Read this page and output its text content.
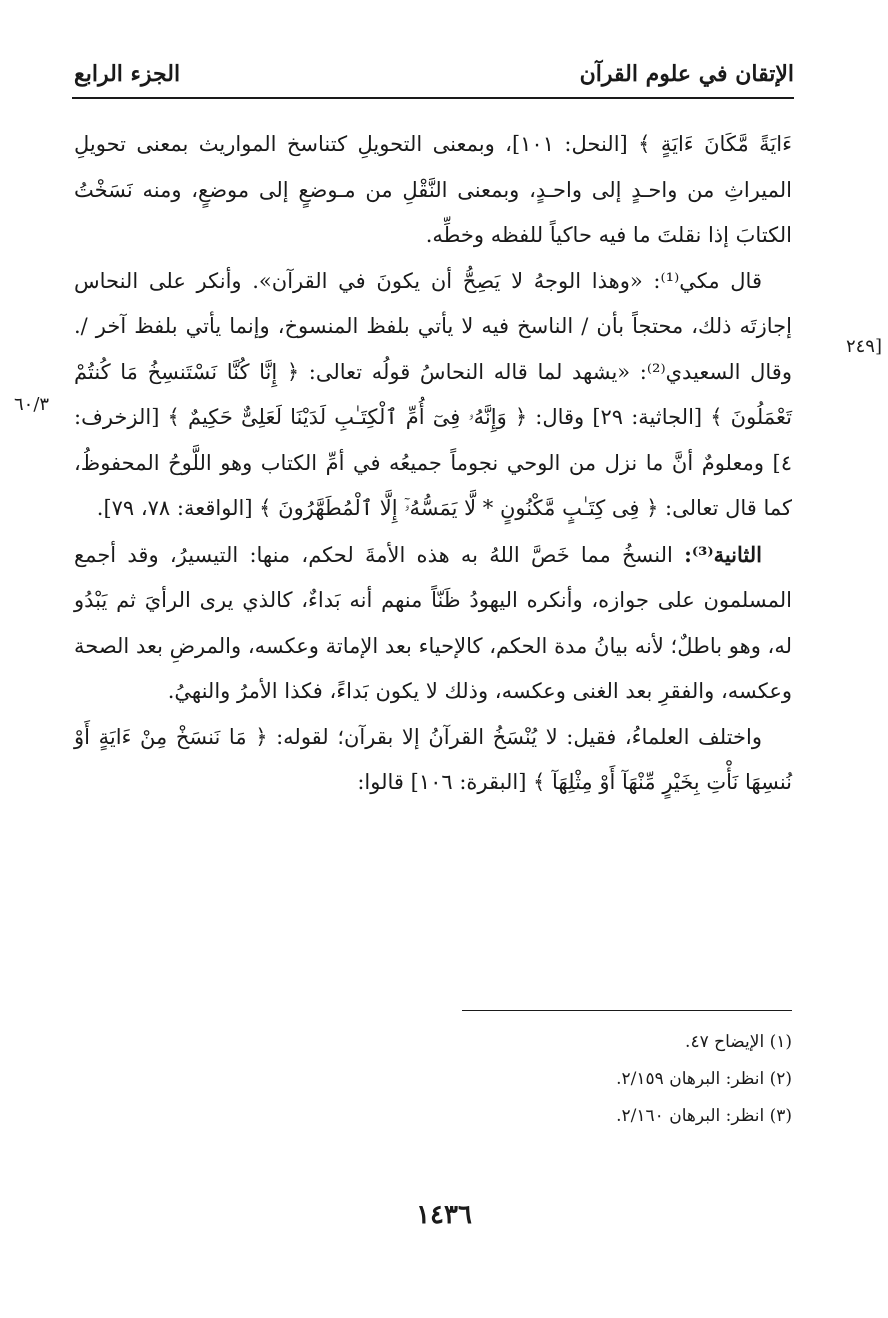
الإتقان في علوم القرآن
الجزء الرابع
[٢٤٩
٦٠/٣

ءَايَةً مَّكَانَ ءَايَةٍ ﴾ [النحل: ١٠١]، وبمعنى التحويلِ كتناسخ المواريث بمعنى تحويلِ الميراثِ من واحـدٍ إلى واحـدٍ، وبمعنى النَّقْلِ من مـوضعٍ إلى موضعٍ، ومنه نَسَخْتُ الكتابَ إذا نقلتَ ما فيه حاكياً للفظه وخطِّه.

قال مكي⁽¹⁾: «وهذا الوجهُ لا يَصِحُّ أن يكونَ في القرآن». وأنكر على النحاس إجازتَه ذلك، محتجاً بأن / الناسخ فيه لا يأتي بلفظ المنسوخ، وإنما يأتي بلفظ آخر /. وقال السعيدي⁽²⁾: «يشهد لما قاله النحاسُ قولُه تعالى: ﴿ إِنَّا كُنَّا نَسْتَنسِخُ مَا كُنتُمْ تَعْمَلُونَ ﴾ [الجاثية: ٢٩] وقال: ﴿ وَإِنَّهُۥ فِىٓ أُمِّ ٱلْكِتَـٰبِ لَدَيْنَا لَعَلِىٌّ حَكِيمٌ ﴾ [الزخرف: ٤] ومعلومٌ أنَّ ما نزل من الوحي نجوماً جميعُه في أمِّ الكتاب وهو اللَّوحُ المحفوظُ، كما قال تعالى: ﴿ فِى كِتَـٰبٍ مَّكْنُونٍ * لَّا يَمَسُّهُۥٓ إِلَّا ٱلْمُطَهَّرُونَ ﴾ [الواقعة: ٧٨، ٧٩].

الثانية⁽³⁾: النسخُ مما خَصَّ اللهُ به هذه الأمةَ لحكم، منها: التيسيرُ، وقد أجمع المسلمون على جوازه، وأنكره اليهودُ ظَنّاً منهم أنه بَداءٌ، كالذي يرى الرأيَ ثم يَبْدُو له، وهو باطلٌ؛ لأنه بيانُ مدة الحكم، كالإحياء بعد الإماتة وعكسه، والمرضِ بعد الصحة وعكسه، والفقرِ بعد الغنى وعكسه، وذلك لا يكون بَداءً، فكذا الأمرُ والنهيُ.

واختلف العلماءُ، فقيل: لا يُنْسَخُ القرآنُ إلا بقرآن؛ لقوله: ﴿ مَا نَنسَخْ مِنْ ءَايَةٍ أَوْ نُنسِهَا نَأْتِ بِخَيْرٍ مِّنْهَآ أَوْ مِثْلِهَآ ﴾ [البقرة: ١٠٦] قالوا:

(١) الإيضاح ٤٧.
(٢) انظر: البرهان ٢/١٥٩.
(٣) انظر: البرهان ٢/١٦٠.
١٤٣٦
